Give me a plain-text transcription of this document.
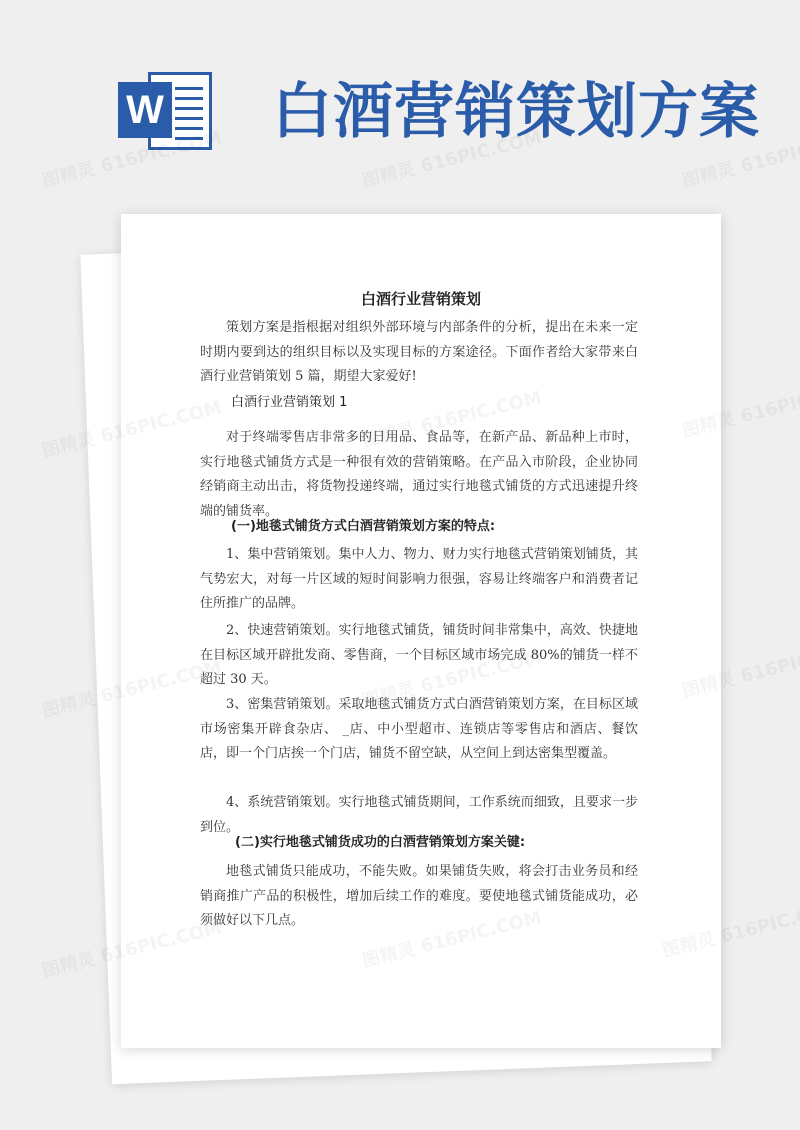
W 白酒营销策划方案
白酒行业营销策划

策划方案是指根据对组织外部环境与内部条件的分析，提出在未来一定时期内要到达的组织目标以及实现目标的方案途径。下面作者给大家带来白酒行业营销策划 5 篇，期望大家爱好!

白酒行业营销策划 1

对于终端零售店非常多的日用品、食品等，在新产品、新品种上市时，实行地毯式铺货方式是一种很有效的营销策略。在产品入市阶段，企业协同经销商主动出击，将货物投递终端，通过实行地毯式铺货的方式迅速提升终端的铺货率。

(一)地毯式铺货方式白酒营销策划方案的特点:

1、集中营销策划。集中人力、物力、财力实行地毯式营销策划铺货，其气势宏大，对每一片区域的短时间影响力很强，容易让终端客户和消费者记住所推广的品牌。

2、快速营销策划。实行地毯式铺货，铺货时间非常集中，高效、快捷地在目标区域开辟批发商、零售商，一个目标区域市场完成 80%的铺货一样不超过 30 天。

3、密集营销策划。采取地毯式铺货方式白酒营销策划方案，在目标区域市场密集开辟食杂店、 _店、中小型超市、连锁店等零售店和酒店、餐饮店，即一个门店挨一个门店，铺货不留空缺，从空间上到达密集型覆盖。

4、系统营销策划。实行地毯式铺货期间，工作系统而细致，且要求一步到位。

(二)实行地毯式铺货成功的白酒营销策划方案关键:

地毯式铺货只能成功，不能失败。如果铺货失败，将会打击业务员和经销商推广产品的积极性，增加后续工作的难度。要使地毯式铺货能成功，必须做好以下几点。
